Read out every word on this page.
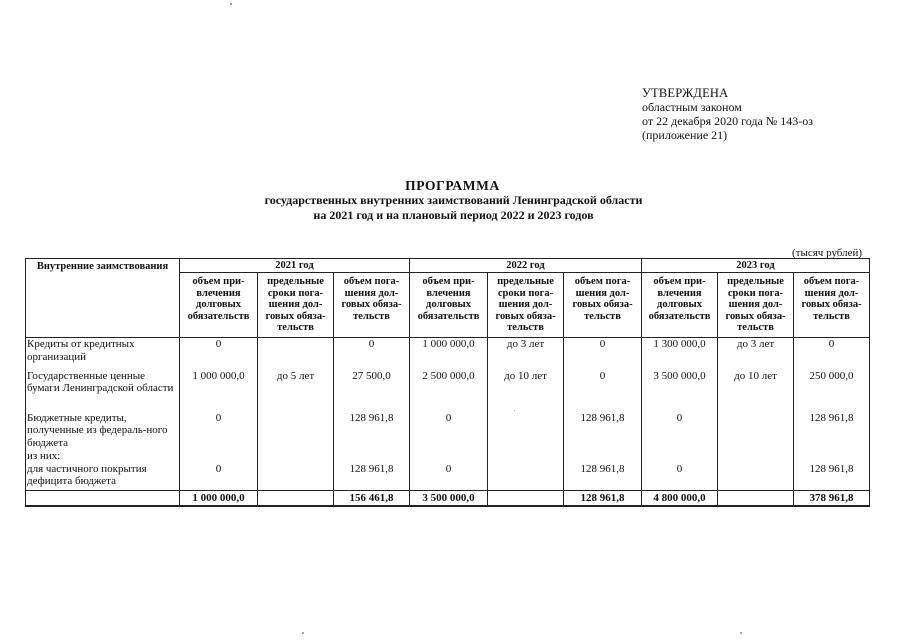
УТВЕРЖДЕНА
областным законом
от 22 декабря 2020 года № 143-оз
(приложение 21)
ПРОГРАММА
государственных внутренних заимствований Ленинградской области
на 2021 год и на плановый период 2022 и 2023 годов
(тысяч рублей)
Внутренние заимствования	2021 год			2022 год			2023 год		
	объем при-влечения долговых обязательств	предельные сроки пога-шения дол-говых обяза-тельств	объем пога-шения дол-говых обяза-тельств	объем при-влечения долговых обязательств	предельные сроки пога-шения дол-говых обяза-тельств	объем пога-шения дол-говых обяза-тельств	объем при-влечения долговых обязательств	предельные сроки пога-шения дол-говых обяза-тельств	объем пога-шения дол-говых обяза-тельств
Кредиты от кредитных организаций	0		0	1 000 000,0	до 3 лет	0	1 300 000,0	до 3 лет	0
Государственные ценные бумаги Ленинградской области	1 000 000,0	до 5 лет	27 500,0	2 500 000,0	до 10 лет	0	3 500 000,0	до 10 лет	250 000,0
Бюджетные кредиты, полученные из федераль-ного бюджета	0		128 961,8	0		128 961,8	0		128 961,8
из них:									
для частичного покрытия дефицита бюджета	0		128 961,8	0		128 961,8	0		128 961,8
	1 000 000,0		156 461,8	3 500 000,0		128 961,8	4 800 000,0		378 961,8
